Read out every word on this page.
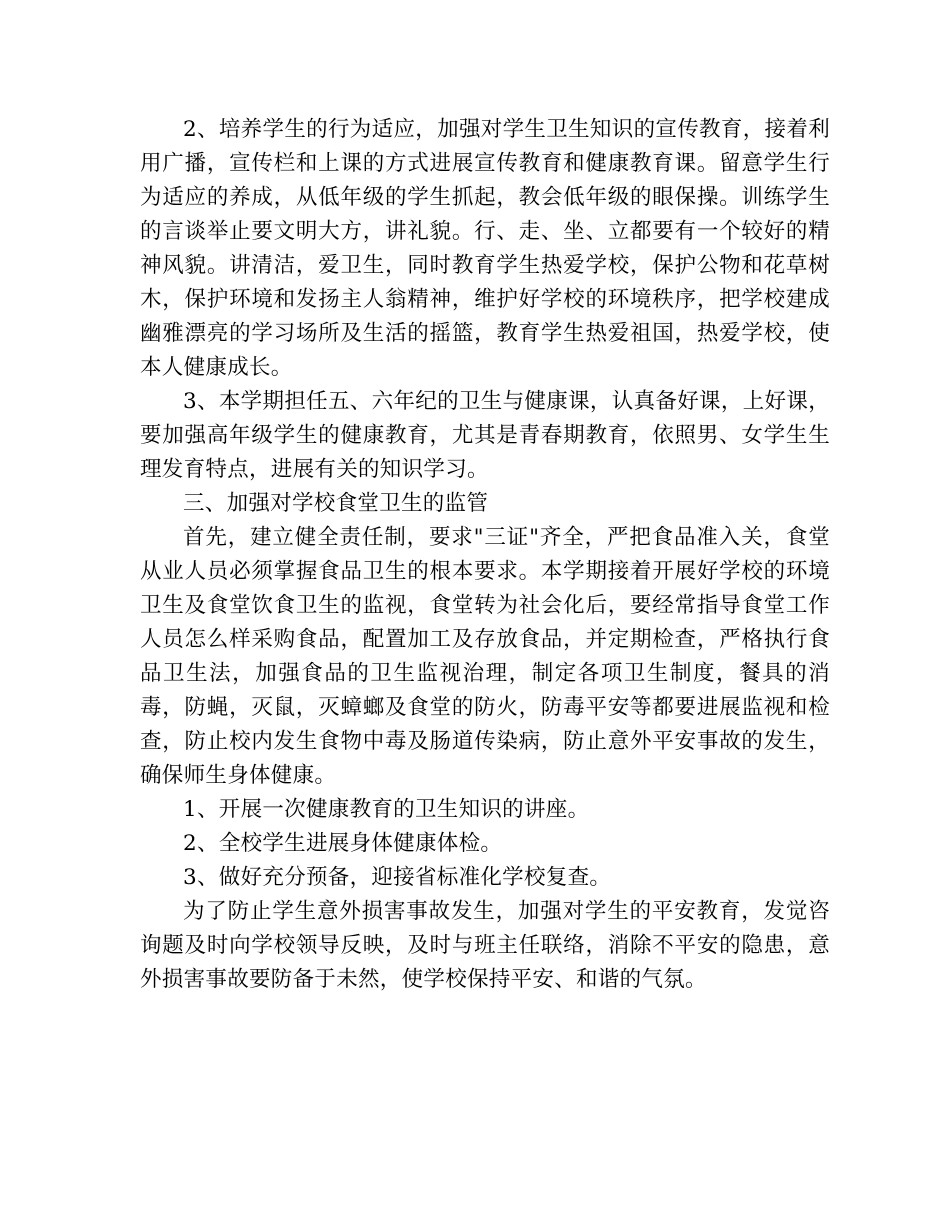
2、培养学生的行为适应，加强对学生卫生知识的宣传教育，接着利用广播，宣传栏和上课的方式进展宣传教育和健康教育课。留意学生行为适应的养成，从低年级的学生抓起，教会低年级的眼保操。训练学生的言谈举止要文明大方，讲礼貌。行、走、坐、立都要有一个较好的精神风貌。讲清洁，爱卫生，同时教育学生热爱学校，保护公物和花草树木，保护环境和发扬主人翁精神，维护好学校的环境秩序，把学校建成幽雅漂亮的学习场所及生活的摇篮，教育学生热爱祖国，热爱学校，使本人健康成长。

3、本学期担任五、六年纪的卫生与健康课，认真备好课，上好课，要加强高年级学生的健康教育，尤其是青春期教育，依照男、女学生生理发育特点，进展有关的知识学习。

三、加强对学校食堂卫生的监管

首先，建立健全责任制，要求"三证"齐全，严把食品准入关，食堂从业人员必须掌握食品卫生的根本要求。本学期接着开展好学校的环境卫生及食堂饮食卫生的监视，食堂转为社会化后，要经常指导食堂工作人员怎么样采购食品，配置加工及存放食品，并定期检查，严格执行食品卫生法，加强食品的卫生监视治理，制定各项卫生制度，餐具的消毒，防蝇，灭鼠，灭蟑螂及食堂的防火，防毒平安等都要进展监视和检查，防止校内发生食物中毒及肠道传染病，防止意外平安事故的发生，确保师生身体健康。

1、开展一次健康教育的卫生知识的讲座。

2、全校学生进展身体健康体检。

3、做好充分预备，迎接省标准化学校复查。

为了防止学生意外损害事故发生，加强对学生的平安教育，发觉咨询题及时向学校领导反映，及时与班主任联络，消除不平安的隐患，意外损害事故要防备于未然，使学校保持平安、和谐的气氛。
